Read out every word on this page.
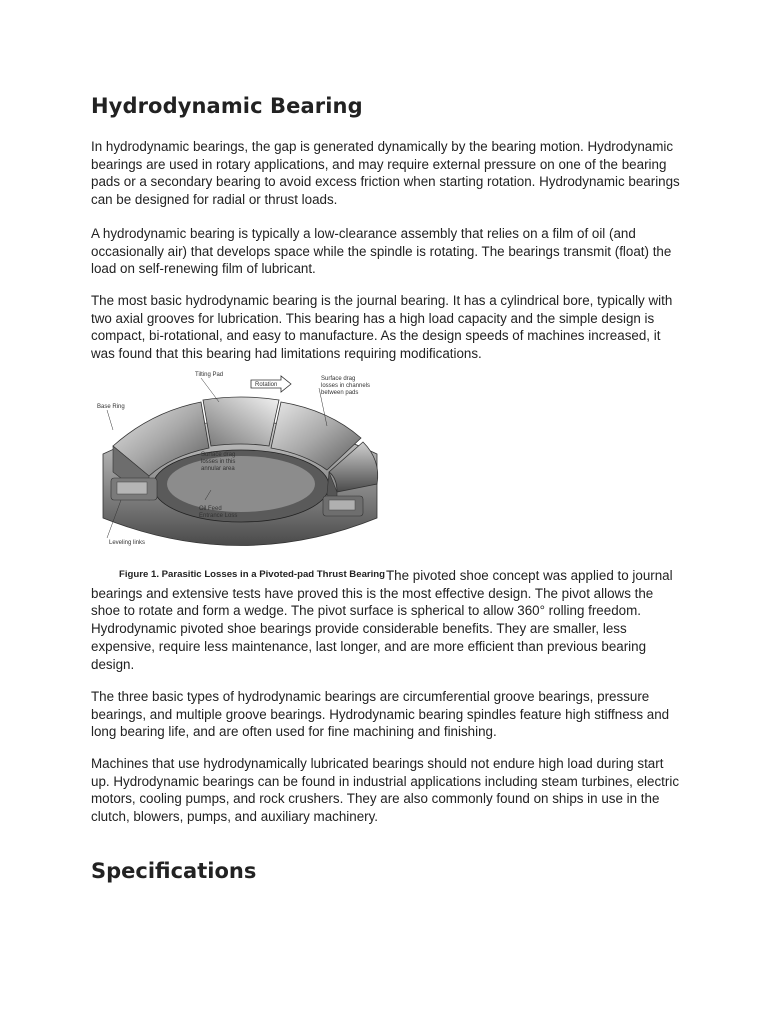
Hydrodynamic Bearing

In hydrodynamic bearings, the gap is generated dynamically by the bearing motion. Hydrodynamic bearings are used in rotary applications, and may require external pressure on one of the bearing pads or a secondary bearing to avoid excess friction when starting rotation. Hydrodynamic bearings can be designed for radial or thrust loads.

A hydrodynamic bearing is typically a low-clearance assembly that relies on a film of oil (and occasionally air) that develops space while the spindle is rotating. The bearings transmit (float) the load on self-renewing film of lubricant.

The most basic hydrodynamic bearing is the journal bearing. It has a cylindrical bore, typically with two axial grooves for lubrication. This bearing has a high load capacity and the simple design is compact, bi-rotational, and easy to manufacture. As the design speeds of machines increased, it was found that this bearing had limitations requiring modifications.

Tilting Pad
Rotation
Surface drag
losses in channels
between pads
Base Ring
Surface drag
losses in this
annular area
Oil Feed
Entrance Loss
Leveling links
Figure 1. Parasitic Losses in a Pivoted-pad Thrust Bearing The pivoted shoe concept was applied to journal bearings and extensive tests have proved this is the most effective design. The pivot allows the shoe to rotate and form a wedge. The pivot surface is spherical to allow 360° rolling freedom. Hydrodynamic pivoted shoe bearings provide considerable benefits. They are smaller, less expensive, require less maintenance, last longer, and are more efficient than previous bearing design.

The three basic types of hydrodynamic bearings are circumferential groove bearings, pressure bearings, and multiple groove bearings. Hydrodynamic bearing spindles feature high stiffness and long bearing life, and are often used for fine machining and finishing.

Machines that use hydrodynamically lubricated bearings should not endure high load during start up. Hydrodynamic bearings can be found in industrial applications including steam turbines, electric motors, cooling pumps, and rock crushers. They are also commonly found on ships in use in the clutch, blowers, pumps, and auxiliary machinery.

Specifications
